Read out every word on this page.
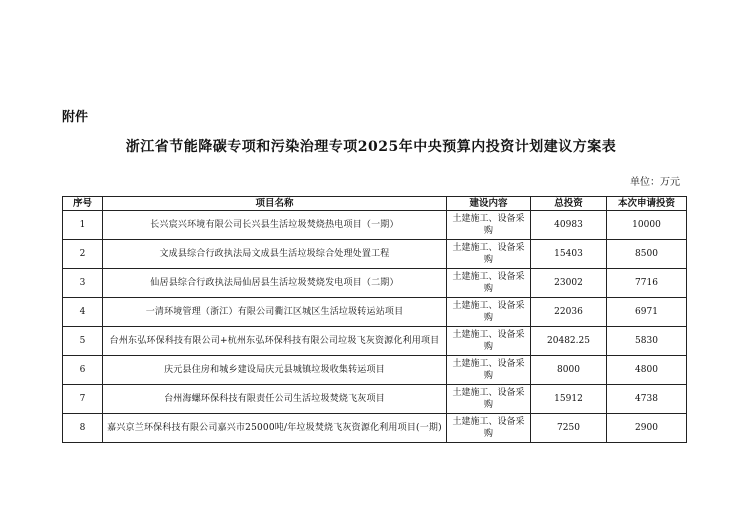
附件
浙江省节能降碳专项和污染治理专项2025年中央预算内投资计划建议方案表
单位：万元
序号	项目名称	建设内容	总投资	本次申请投资
1	长兴宸兴环境有限公司长兴县生活垃圾焚烧热电项目（一期）	土建施工、设备采购	40983	10000
2	文成县综合行政执法局文成县生活垃圾综合处理处置工程	土建施工、设备采购	15403	8500
3	仙居县综合行政执法局仙居县生活垃圾焚烧发电项目（二期）	土建施工、设备采购	23002	7716
4	一清环境管理（浙江）有限公司衢江区城区生活垃圾转运站项目	土建施工、设备采购	22036	6971
5	台州东弘环保科技有限公司+杭州东弘环保科技有限公司垃圾飞灰资源化利用项目	土建施工、设备采购	20482.25	5830
6	庆元县住房和城乡建设局庆元县城镇垃圾收集转运项目	土建施工、设备采购	8000	4800
7	台州海螺环保科技有限责任公司生活垃圾焚烧飞灰项目	土建施工、设备采购	15912	4738
8	嘉兴京兰环保科技有限公司嘉兴市25000吨/年垃圾焚烧飞灰资源化利用项目(一期)	土建施工、设备采购	7250	2900
